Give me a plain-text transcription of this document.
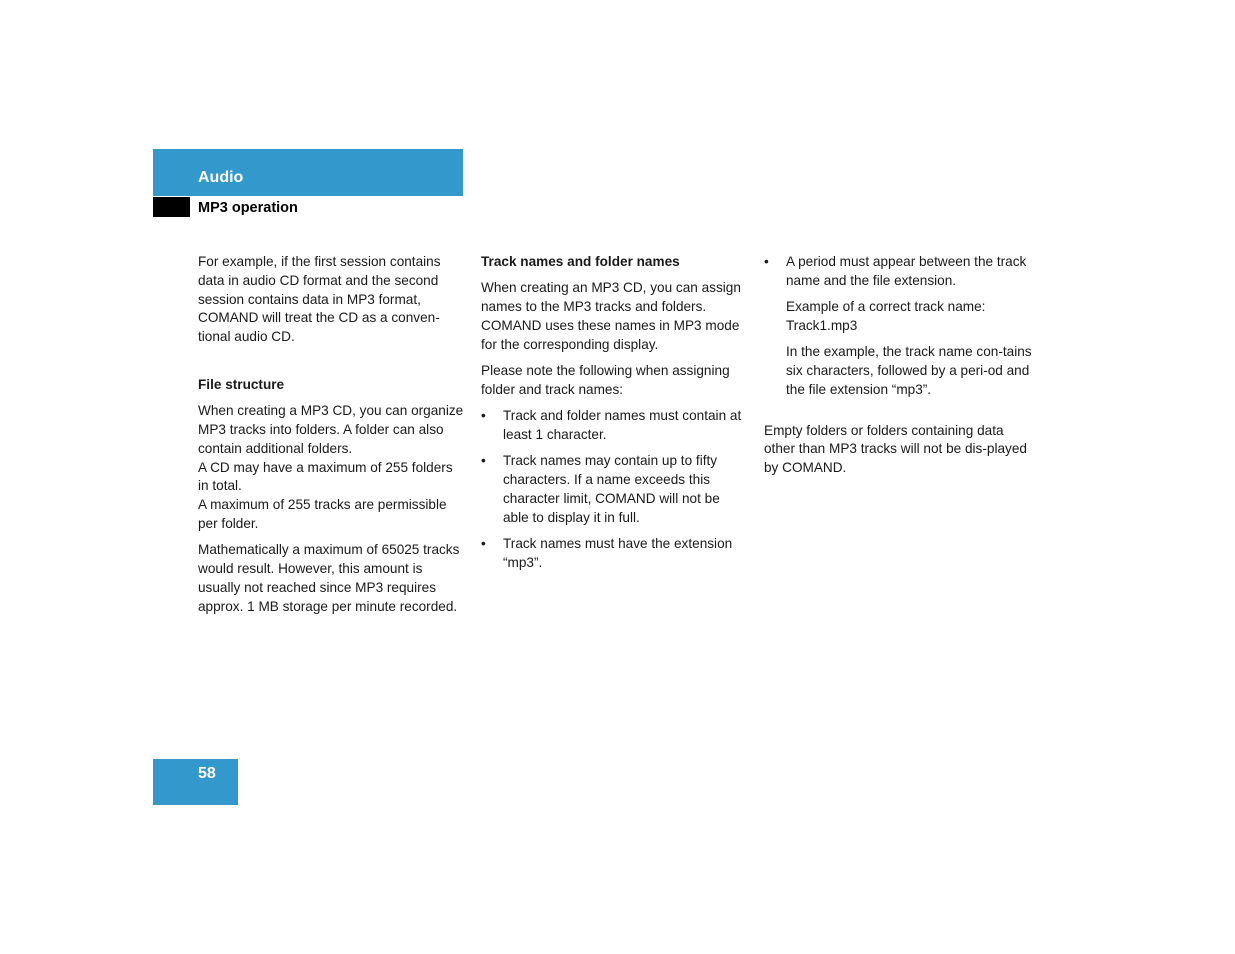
Audio
MP3 operation

For example, if the first session contains data in audio CD format and the second session contains data in MP3 format, COMAND will treat the CD as a conven-tional audio CD.

File structure

When creating a MP3 CD, you can organize MP3 tracks into folders. A folder can also contain additional folders.

A CD may have a maximum of 255 folders in total.

A maximum of 255 tracks are permissible per folder.

Mathematically a maximum of 65025 tracks would result. However, this amount is usually not reached since MP3 requires approx. 1 MB storage per minute recorded.

Track names and folder names

When creating an MP3 CD, you can assign names to the MP3 tracks and folders. COMAND uses these names in MP3 mode for the corresponding display.

Please note the following when assigning folder and track names:

• Track and folder names must contain at least 1 character.
• Track names may contain up to fifty characters. If a name exceeds this character limit, COMAND will not be able to display it in full.
• Track names must have the extension “mp3”.
• A period must appear between the track name and the file extension.

Example of a correct track name:

Track1.mp3

In the example, the track name con-tains six characters, followed by a peri-od and the file extension “mp3”.

Empty folders or folders containing data other than MP3 tracks will not be dis-played by COMAND.

58
